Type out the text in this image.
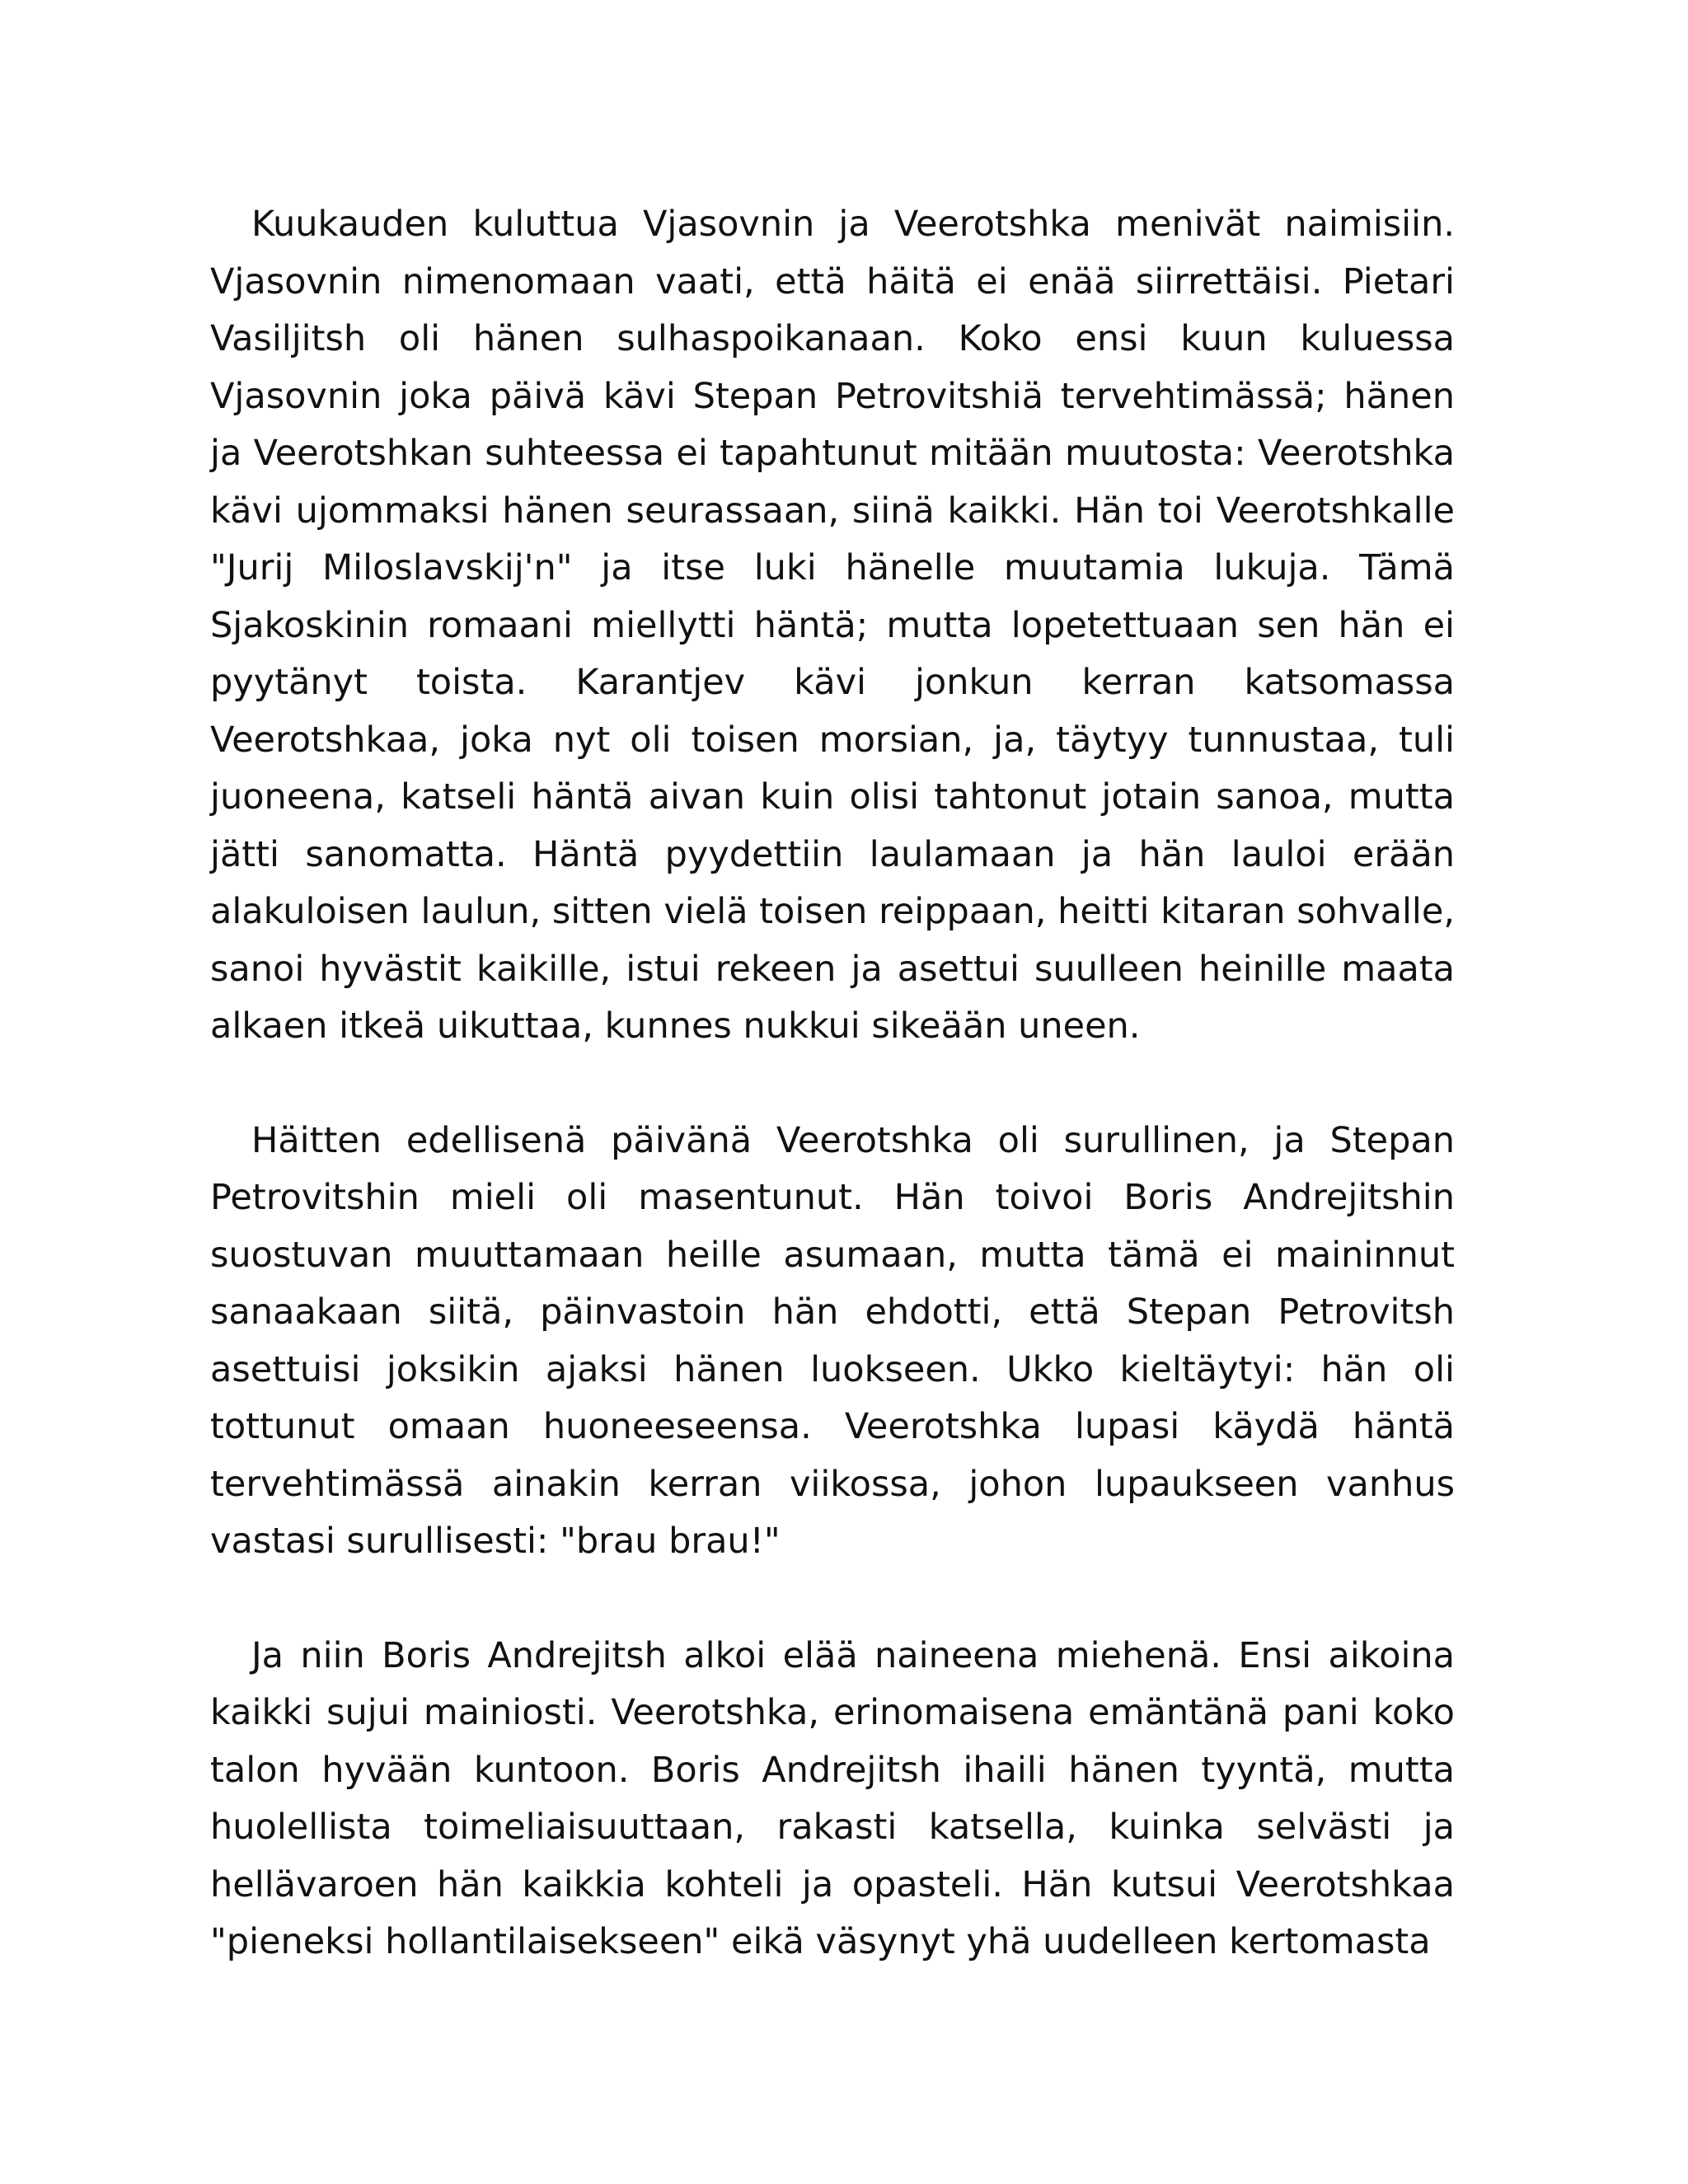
Kuukauden kuluttua Vjasovnin ja Veerotshka menivät naimisiin. Vjasovnin nimenomaan vaati, että häitä ei enää siirrettäisi. Pietari Vasiljitsh oli hänen sulhaspoikanaan. Koko ensi kuun kuluessa Vjasovnin joka päivä kävi Stepan Petrovitshiä tervehtimässä; hänen ja Veerotshkan suhteessa ei tapahtunut mitään muutosta: Veerotshka kävi ujommaksi hänen seurassaan, siinä kaikki. Hän toi Veerotshkalle "Jurij Miloslavskij'n" ja itse luki hänelle muutamia lukuja. Tämä Sjakoskinin romaani miellytti häntä; mutta lopetettuaan sen hän ei pyytänyt toista. Karantjev kävi jonkun kerran katsomassa Veerotshkaa, joka nyt oli toisen morsian, ja, täytyy tunnustaa, tuli juoneena, katseli häntä aivan kuin olisi tahtonut jotain sanoa, mutta jätti sanomatta. Häntä pyydettiin laulamaan ja hän lauloi erään alakuloisen laulun, sitten vielä toisen reippaan, heitti kitaran sohvalle, sanoi hyvästit kaikille, istui rekeen ja asettui suulleen heinille maata alkaen itkeä uikuttaa, kunnes nukkui sikeään uneen.

Häitten edellisenä päivänä Veerotshka oli surullinen, ja Stepan Petrovitshin mieli oli masentunut. Hän toivoi Boris Andrejitshin suostuvan muuttamaan heille asumaan, mutta tämä ei maininnut sanaakaan siitä, päinvastoin hän ehdotti, että Stepan Petrovitsh asettuisi joksikin ajaksi hänen luokseen. Ukko kieltäytyi: hän oli tottunut omaan huoneeseensa. Veerotshka lupasi käydä häntä tervehtimässä ainakin kerran viikossa, johon lupaukseen vanhus vastasi surullisesti: "brau brau!"

Ja niin Boris Andrejitsh alkoi elää naineena miehenä. Ensi aikoina kaikki sujui mainiosti. Veerotshka, erinomaisena emäntänä pani koko talon hyvään kuntoon. Boris Andrejitsh ihaili hänen tyyntä, mutta huolellista toimeliaisuuttaan, rakasti katsella, kuinka selvästi ja hellävaroen hän kaikkia kohteli ja opasteli. Hän kutsui Veerotshkaa "pieneksi hollantilaisekseen" eikä väsynyt yhä uudelleen kertomasta
